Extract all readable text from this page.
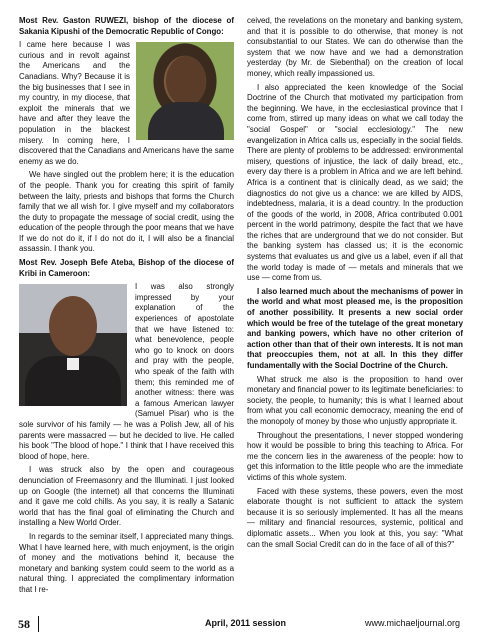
Most Rev. Gaston RUWEZI, bishop of the diocese of Sakania Kipushi of the Democratic Republic of Congo:

I came here because I was curious and in revolt against the Americans and the Canadians. Why? Because it is the big businesses that I see in my country, in my diocese, that exploit the minerals that we have and after they leave the population in the blackest misery. In coming here, I discovered that the Canadians and Americans have the same enemy as we do.

We have singled out the problem here; it is the education of the people. Thank you for creating this spirit of family between the laity, priests and bishops that forms the Church family that we all wish for. I give myself and my collaborators the duty to propagate the message of social credit, using the education of the people through the poor means that we have If we do not do it, if I do not do it, I will also be a financial assassin. I thank you.

Most Rev. Joseph Befe Ateba, Bishop of the diocese of Kribi in Cameroon:

I was also strongly impressed by your explanation of the experiences of apostolate that we have listened to: what benevolence, people who go to knock on doors and pray with the people, who speak of the faith with them; this reminded me of another witness: there was a famous American lawyer (Samuel Pisar) who is the sole survivor of his family — he was a Polish Jew, all of his parents were massacred — but he decided to live. He called his book "The blood of hope." I think that I have received this blood of hope, here.

I was struck also by the open and courageous denunciation of Freemasonry and the Illuminati. I just looked up on Google (the internet) all that concerns the Illuminati and it gave me cold chills. As you say, it is really a Satanic world that has the final goal of eliminating the Church and installing a New World Order.

In regards to the seminar itself, I appreciated many things. What I have learned here, with much enjoyment, is the origin of money and the motivations behind it, because the monetary and banking system could seem to the world as a natural thing. I appreciated the complimentary information that I re-

ceived, the revelations on the monetary and banking system, and that it is possible to do otherwise, that money is not consubstantial to our States. We can do otherwise than the system that we now have and we had a demonstration yesterday (by Mr. de Siebenthal) on the creation of local money, which really impassioned us.

I also appreciated the keen knowledge of the Social Doctrine of the Church that motivated my participation from the beginning. We have, in the ecclesiastical province that I come from, stirred up many ideas on what we call today the "social Gospel" or "social ecclesiology." The new evangelization in Africa calls us, especially in the social fields. There are plenty of problems to be addressed: environmental misery, questions of injustice, the lack of daily bread, etc., every day there is a problem in Africa and we are left behind. Africa is a continent that is clinically dead, as we said; the diagnostics do not give us a chance: we are killed by AIDS, indebtedness, malaria, it is a dead country. In the production of the goods of the world, in 2008, Africa contributed 0.001 percent in the world patrimony, despite the fact that we have the riches that are underground that we do not consider. But the banking system has classed us; it is the economic systems that evaluates us and give us a label, even if all that the world today is made of — metals and minerals that we use — come from us.

I also learned much about the mechanisms of power in the world and what most pleased me, is the proposition of another possibility. It presents a new social order which would be free of the tutelage of the great monetary and banking powers, which have no other criterion of action other than that of their own interests. It is not man that preoccupies them, not at all. In this they differ fundamentally with the Social Doctrine of the Church.

What struck me also is the proposition to hand over monetary and financial power to its legitimate beneficiaries: to society, the people, to humanity; this is what I learned about from what you call economic democracy, meaning the end of the monopoly of money by those who unjustly appropriate it.

Throughout the presentations, I never stopped wondering how it would be possible to bring this teaching to Africa. For me the concern lies in the awareness of the people: how to get this information to the little people who are the immediate victims of this whole system.

Faced with these systems, these powers, even the most elaborate thought is not sufficient to attack the system because it is so seriously implemented. It has all the means — military and financial resources, systemic, political and diplomatic assets... When you look at this, you say: "What can the small Social Credit can do in the face of all of this?"

58	April, 2011 session	www.michaeljournal.org
